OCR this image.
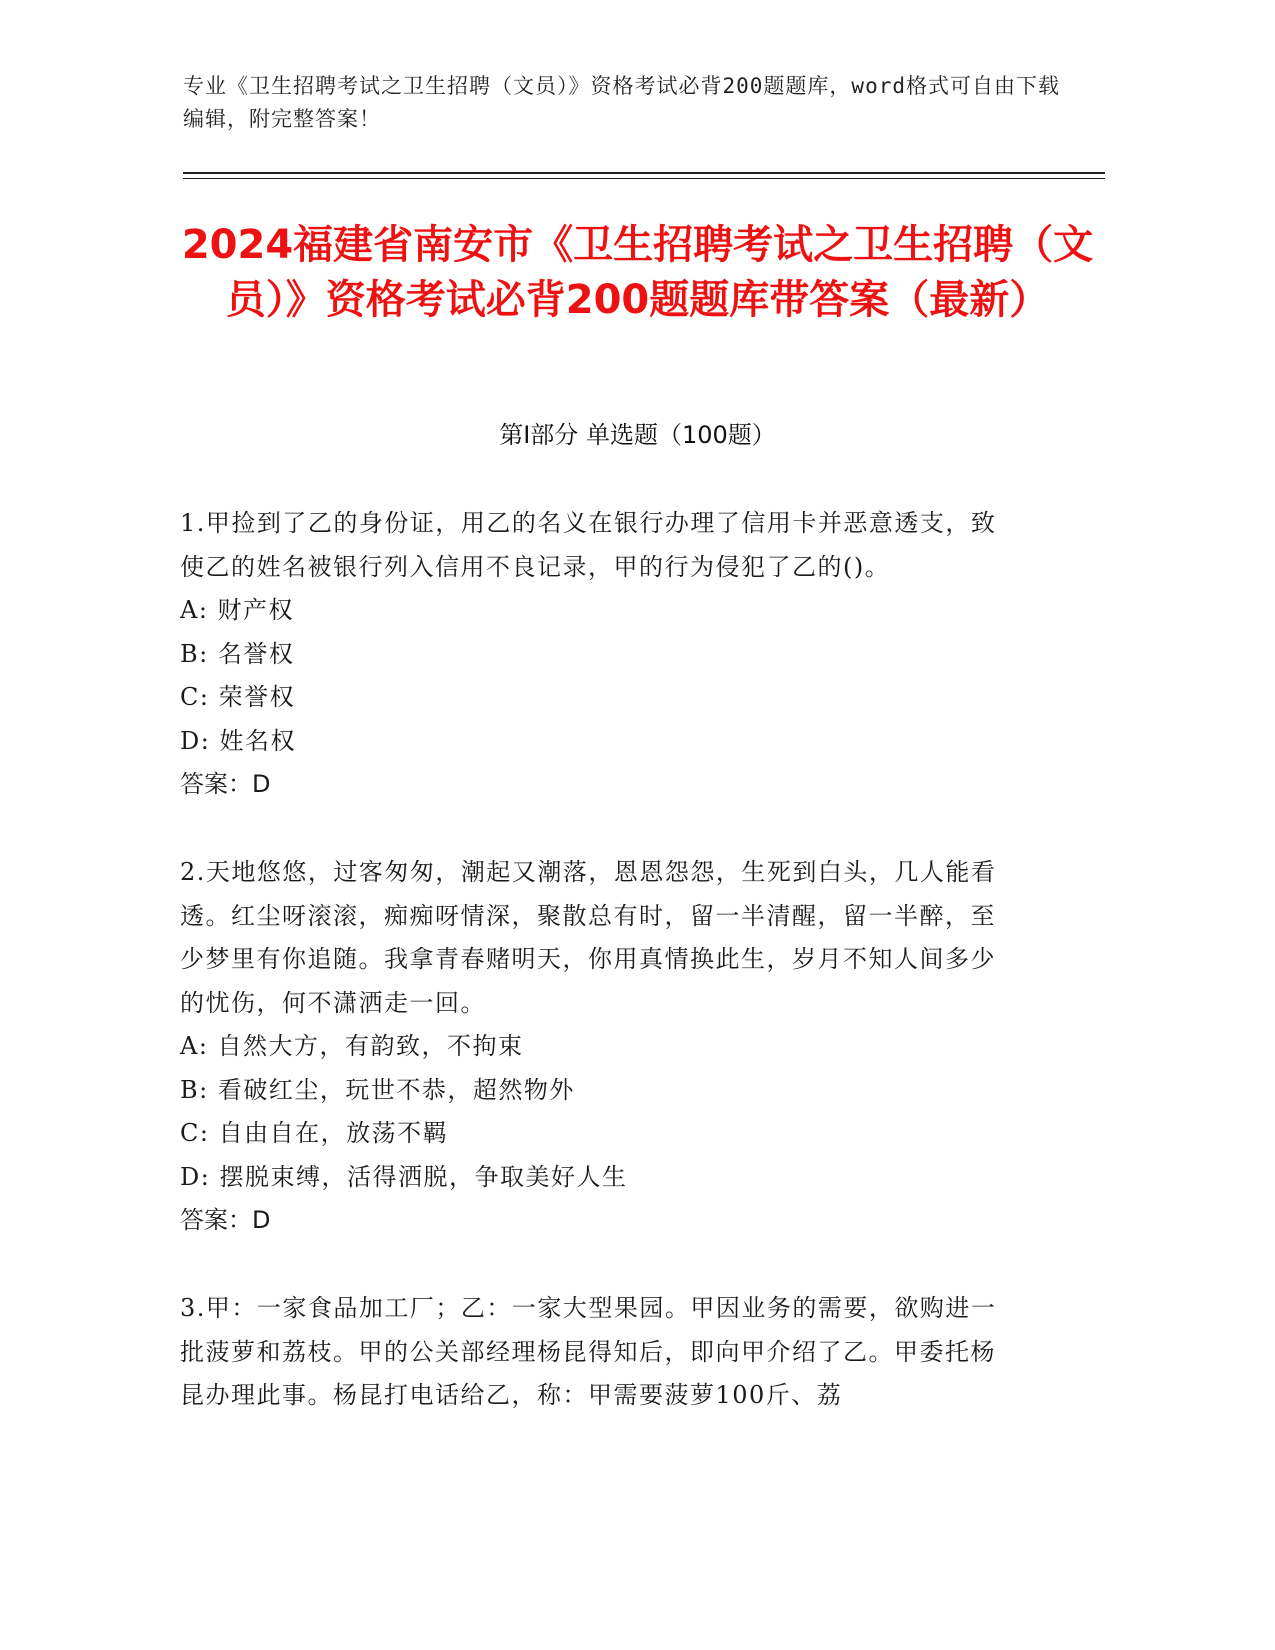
专业《卫生招聘考试之卫生招聘（文员）》资格考试必背200题题库，word格式可自由下载编辑，附完整答案！
2024福建省南安市《卫生招聘考试之卫生招聘（文员）》资格考试必背200题题库带答案（最新）
第I部分 单选题（100题）

1.甲捡到了乙的身份证，用乙的名义在银行办理了信用卡并恶意透支，致使乙的姓名被银行列入信用不良记录，甲的行为侵犯了乙的()。

A: 财产权

B: 名誉权

C: 荣誉权

D: 姓名权

答案：D

2.天地悠悠，过客匆匆，潮起又潮落，恩恩怨怨，生死到白头，几人能看透。红尘呀滚滚，痴痴呀情深，聚散总有时，留一半清醒，留一半醉，至少梦里有你追随。我拿青春赌明天，你用真情换此生，岁月不知人间多少的忧伤，何不潇洒走一回。

A: 自然大方，有韵致，不拘束

B: 看破红尘，玩世不恭，超然物外

C: 自由自在，放荡不羁

D: 摆脱束缚，活得洒脱，争取美好人生

答案：D

3.甲：一家食品加工厂；乙：一家大型果园。甲因业务的需要，欲购进一批菠萝和荔枝。甲的公关部经理杨昆得知后，即向甲介绍了乙。甲委托杨昆办理此事。杨昆打电话给乙，称：甲需要菠萝100斤、荔
